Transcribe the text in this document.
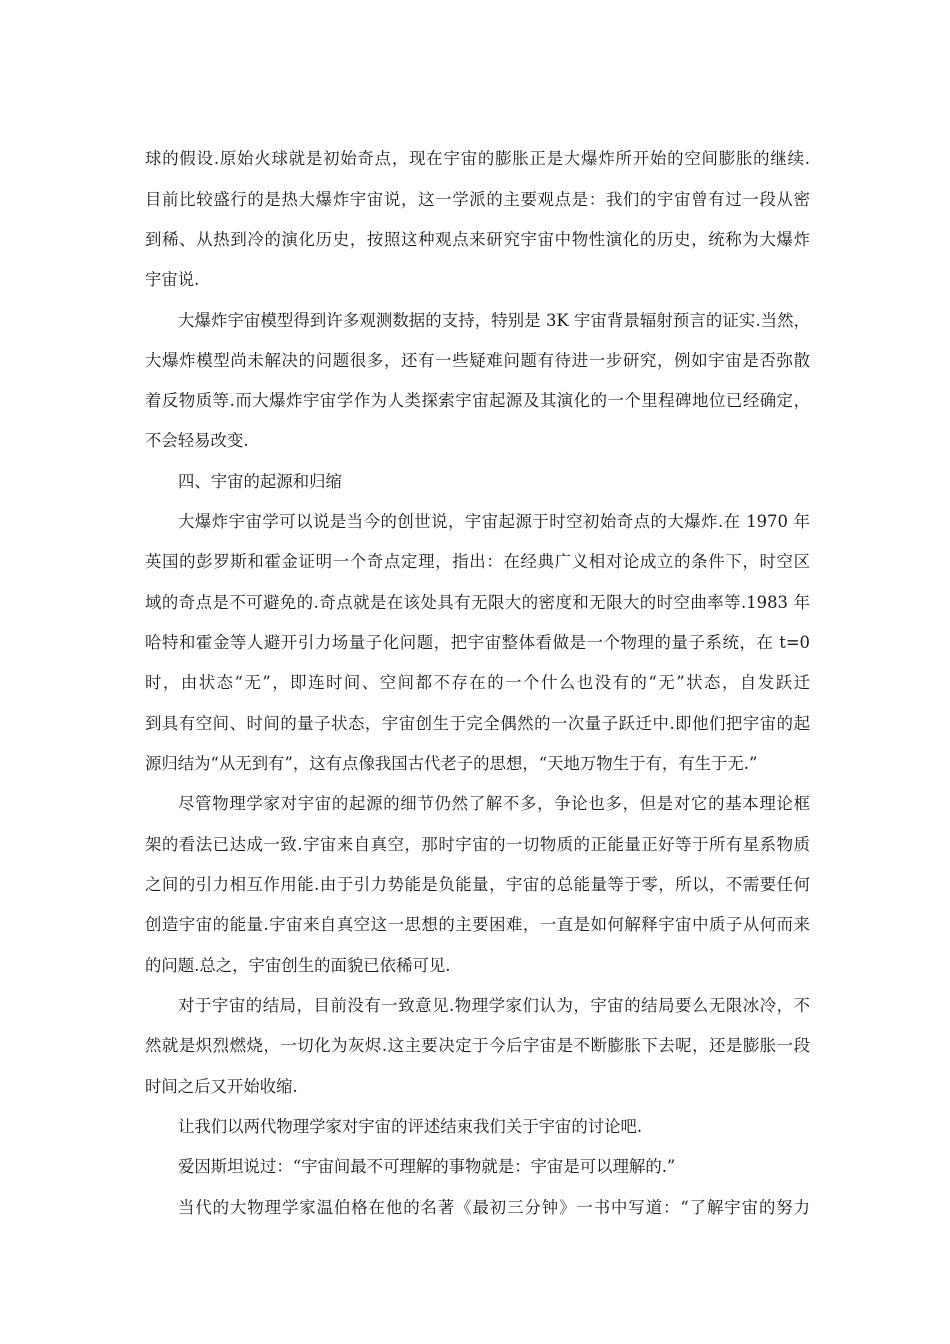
球的假设.原始火球就是初始奇点，现在宇宙的膨胀正是大爆炸所开始的空间膨胀的继续.
目前比较盛行的是热大爆炸宇宙说，这一学派的主要观点是：我们的宇宙曾有过一段从密
到稀、从热到冷的演化历史，按照这种观点来研究宇宙中物性演化的历史，统称为大爆炸
宇宙说.
大爆炸宇宙模型得到许多观测数据的支持，特别是 3K 宇宙背景辐射预言的证实.当然，
大爆炸模型尚未解决的问题很多，还有一些疑难问题有待进一步研究，例如宇宙是否弥散
着反物质等.而大爆炸宇宙学作为人类探索宇宙起源及其演化的一个里程碑地位已经确定，
不会轻易改变.
四、宇宙的起源和归缩
大爆炸宇宙学可以说是当今的创世说，宇宙起源于时空初始奇点的大爆炸.在 1970 年
英国的彭罗斯和霍金证明一个奇点定理，指出：在经典广义相对论成立的条件下，时空区
域的奇点是不可避免的.奇点就是在该处具有无限大的密度和无限大的时空曲率等.1983 年
哈特和霍金等人避开引力场量子化问题，把宇宙整体看做是一个物理的量子系统，在 t=0
时，由状态“无”，即连时间、空间都不存在的一个什么也没有的“无”状态，自发跃迁
到具有空间、时间的量子状态，宇宙创生于完全偶然的一次量子跃迁中.即他们把宇宙的起
源归结为“从无到有”，这有点像我国古代老子的思想，“天地万物生于有，有生于无.”
尽管物理学家对宇宙的起源的细节仍然了解不多，争论也多，但是对它的基本理论框
架的看法已达成一致.宇宙来自真空，那时宇宙的一切物质的正能量正好等于所有星系物质
之间的引力相互作用能.由于引力势能是负能量，宇宙的总能量等于零，所以，不需要任何
创造宇宙的能量.宇宙来自真空这一思想的主要困难，一直是如何解释宇宙中质子从何而来
的问题.总之，宇宙创生的面貌已依稀可见.
对于宇宙的结局，目前没有一致意见.物理学家们认为，宇宙的结局要么无限冰冷，不
然就是炽烈燃烧，一切化为灰烬.这主要决定于今后宇宙是不断膨胀下去呢，还是膨胀一段
时间之后又开始收缩.
让我们以两代物理学家对宇宙的评述结束我们关于宇宙的讨论吧.
爱因斯坦说过：“宇宙间最不可理解的事物就是：宇宙是可以理解的.”
当代的大物理学家温伯格在他的名著《最初三分钟》一书中写道：“了解宇宙的努力
